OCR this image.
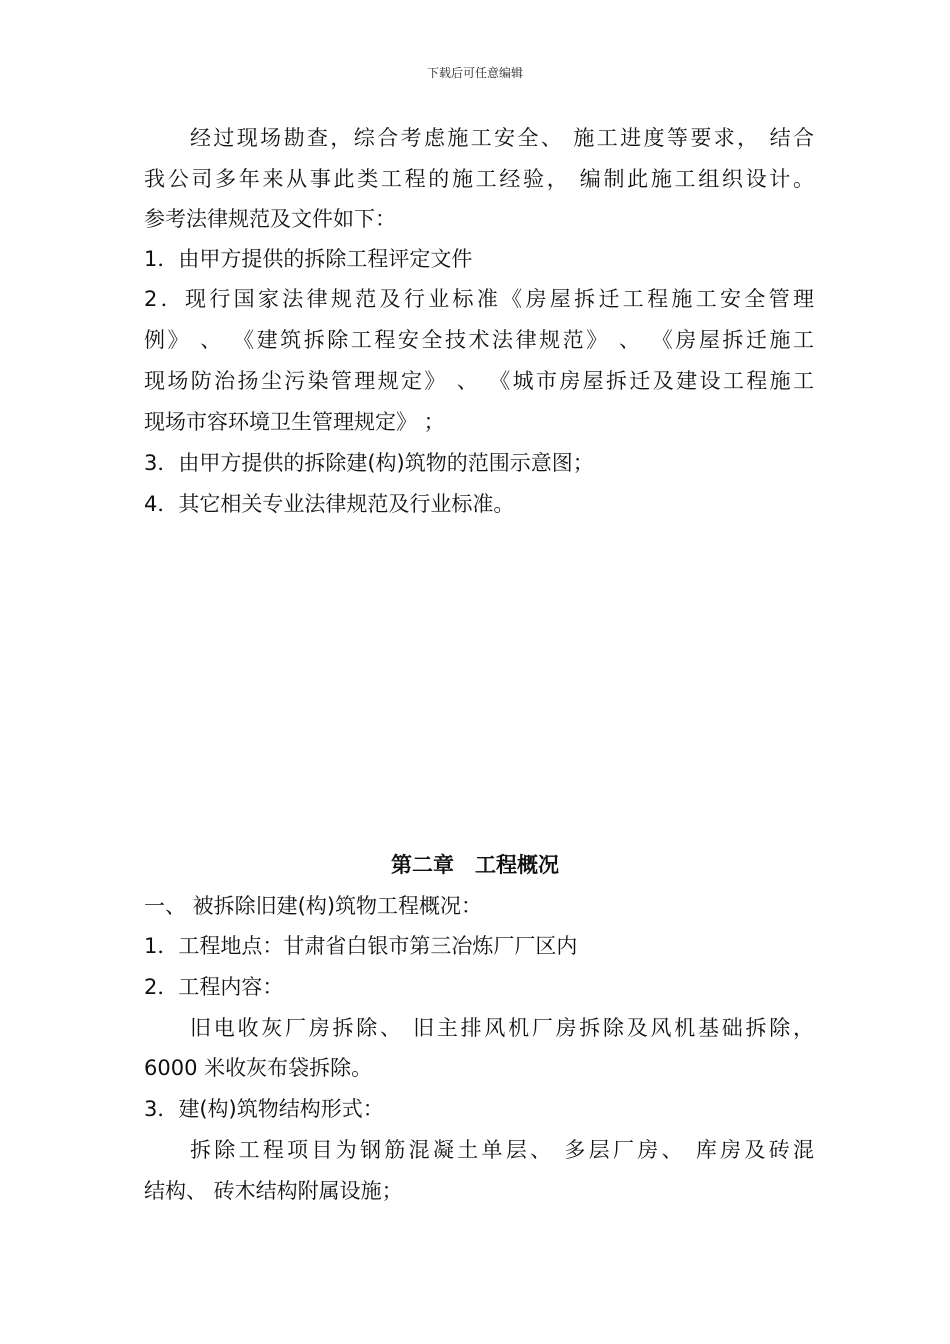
下载后可任意编辑
经过现场勘查，综合考虑施工安全、 施工进度等要求， 结合
我公司多年来从事此类工程的施工经验， 编制此施工组织设计。
参考法律规范及文件如下：
1．由甲方提供的拆除工程评定文件
2．现行国家法律规范及行业标准《房屋拆迁工程施工安全管理
例》 、 《建筑拆除工程安全技术法律规范》 、 《房屋拆迁施工
现场防治扬尘污染管理规定》 、 《城市房屋拆迁及建设工程施工
现场市容环境卫生管理规定》 ；
3．由甲方提供的拆除建(构)筑物的范围示意图；
4．其它相关专业法律规范及行业标准。
第二章　工程概况
一、 被拆除旧建(构)筑物工程概况：
1．工程地点：甘肃省白银市第三冶炼厂厂区内
2．工程内容：
旧电收灰厂房拆除、 旧主排风机厂房拆除及风机基础拆除，
6000 米收灰布袋拆除。
3．建(构)筑物结构形式：
拆除工程项目为钢筋混凝土单层、 多层厂房、 库房及砖混
结构、 砖木结构附属设施；
